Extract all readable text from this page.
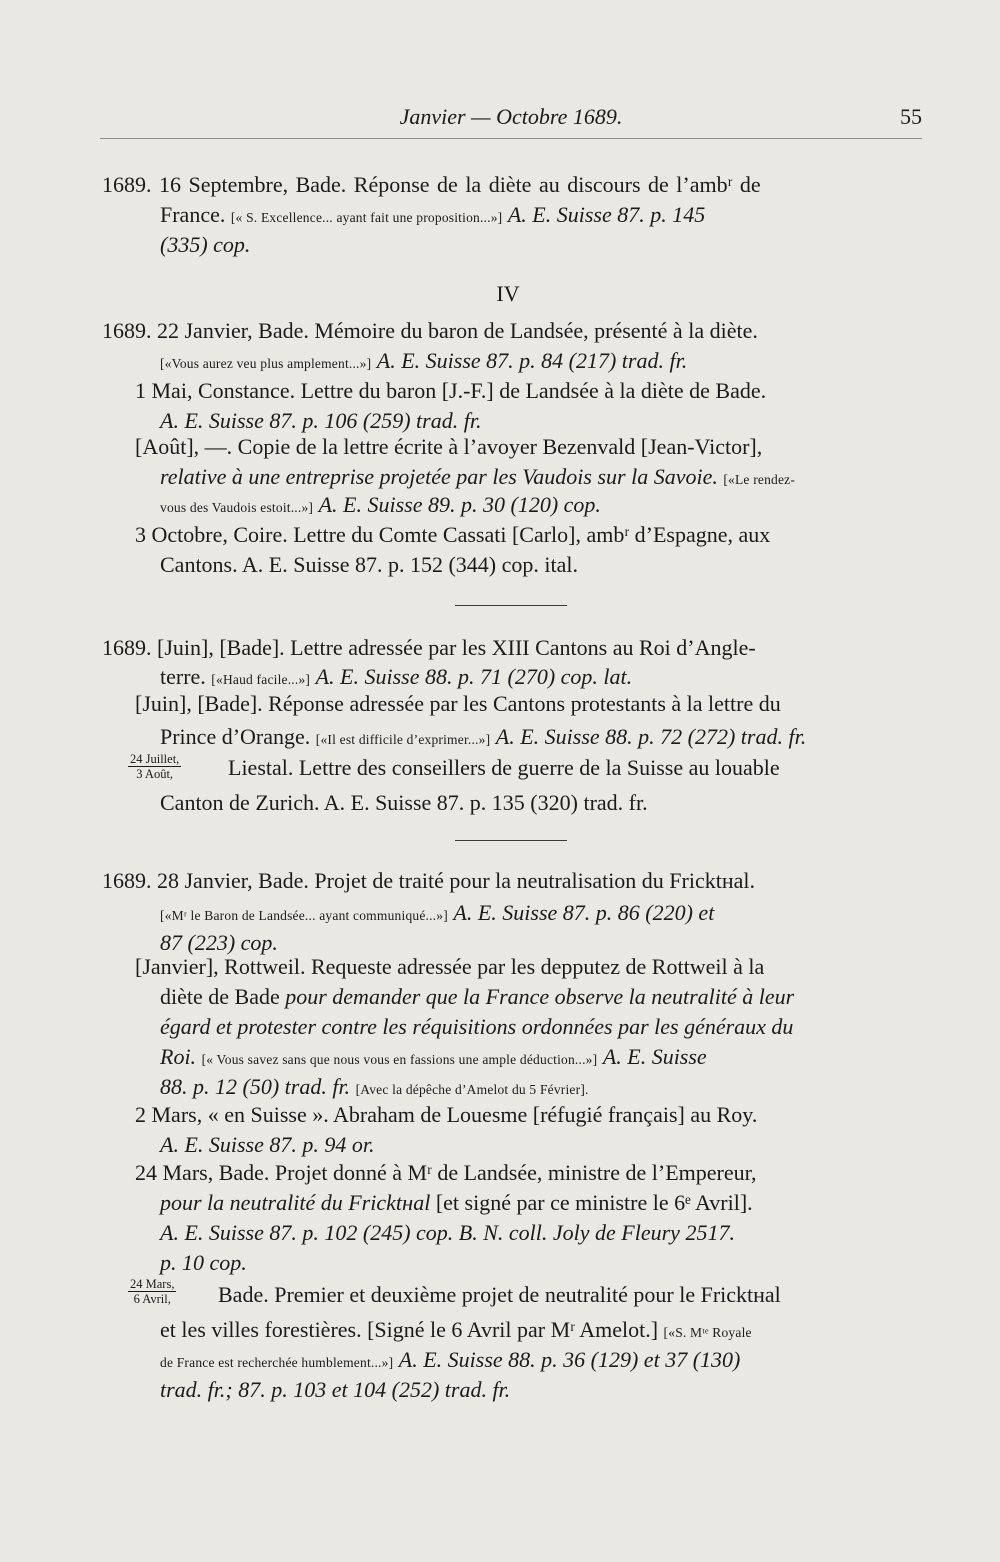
Janvier — Octobre 1689.	55
1689. 16 Septembre, Bade. Réponse de la diète au discours de l’ambʳ de
France. [« S. Excellence... ayant fait une proposition...»] A. E. Suisse 87. p. 145
(335) cop.
IV
1689. 22 Janvier, Bade. Mémoire du baron de Landsée, présenté à la diète.
[«Vous aurez veu plus amplement...»] A. E. Suisse 87. p. 84 (217) trad. fr.
1 Mai, Constance. Lettre du baron [J.-F.] de Landsée à la diète de Bade.
A. E. Suisse 87. p. 106 (259) trad. fr.
[Août], —. Copie de la lettre écrite à l’avoyer Bezenvald [Jean-Victor],
relative à une entreprise projetée par les Vaudois sur la Savoie. [«Le rendez-
vous des Vaudois estoit...»] A. E. Suisse 89. p. 30 (120) cop.
3 Octobre, Coire. Lettre du Comte Cassati [Carlo], ambʳ d’Espagne, aux
Cantons. A. E. Suisse 87. p. 152 (344) cop. ital.
1689. [Juin], [Bade]. Lettre adressée par les XIII Cantons au Roi d’Angle-
terre. [«Haud facile...»] A. E. Suisse 88. p. 71 (270) cop. lat.
[Juin], [Bade]. Réponse adressée par les Cantons protestants à la lettre du
Prince d’Orange. [«Il est difficile d’exprimer...»] A. E. Suisse 88. p. 72 (272) trad. fr.
24 Juillet,
3 Août,	Liestal. Lettre des conseillers de guerre de la Suisse au louable
Canton de Zurich. A. E. Suisse 87. p. 135 (320) trad. fr.
1689. 28 Janvier, Bade. Projet de traité pour la neutralisation du Fricktʜal.
[«Mʳ le Baron de Landsée... ayant communiqué...»] A. E. Suisse 87. p. 86 (220) et
87 (223) cop.
[Janvier], Rottweil. Requeste adressée par les depputez de Rottweil à la
diète de Bade pour demander que la France observe la neutralité à leur
égard et protester contre les réquisitions ordonnées par les généraux du
Roi. [« Vous savez sans que nous vous en fassions une ample déduction...»] A. E. Suisse
88. p. 12 (50) trad. fr. [Avec la dépêche d’Amelot du 5 Février].
2 Mars, « en Suisse ». Abraham de Louesme [réfugié français] au Roy.
A. E. Suisse 87. p. 94 or.
24 Mars, Bade. Projet donné à Mʳ de Landsée, ministre de l’Empereur,
pour la neutralité du Fricktʜal [et signé par ce ministre le 6ᵉ Avril].
A. E. Suisse 87. p. 102 (245) cop. B. N. coll. Joly de Fleury 2517.
p. 10 cop.
24 Mars,
6 Avril, Bade. Premier et deuxième projet de neutralité pour le Fricktʜal
et les villes forestières. [Signé le 6 Avril par Mʳ Amelot.] [«S. Mᵗᵉ Royale
de France est recherchée humblement...»] A. E. Suisse 88. p. 36 (129) et 37 (130)
trad. fr.; 87. p. 103 et 104 (252) trad. fr.
